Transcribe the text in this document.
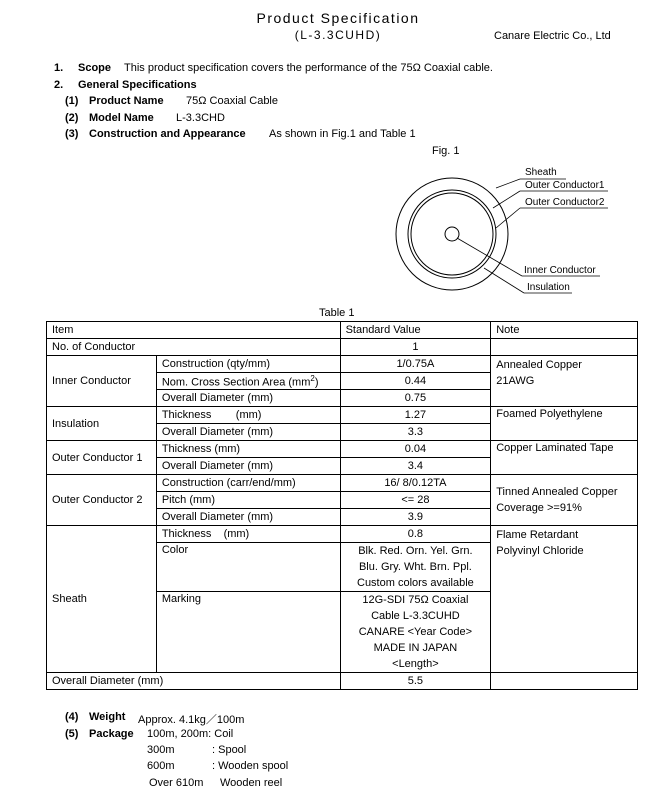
Product Specification
(L-3.3CUHD)	Canare Electric Co., Ltd
1. Scope This product specification covers the performance of the 75Ω Coaxial cable.
2. General Specifications
(1) Product Name 75Ω Coaxial Cable
(2) Model Name L-3.3CHD
(3) Construction and Appearance As shown in Fig.1 and Table 1
Fig. 1
Sheath
Outer Conductor1
Outer Conductor2
Inner Conductor
Insulation
Table 1
Item		Standard Value	Note
No. of Conductor		1	
Inner Conductor	Construction (qty/mm)	1/0.75A	Annealed Copper
21AWG

	Nom. Cross Section Area $(mm^2)$	0.44	
	Overall Diameter (mm)	0.75	
Insulation	Thickness        (mm)	1.27	Foamed Polyethylene
	Overall Diameter (mm)	3.3	
Outer Conductor 1	Thickness (mm)	0.04	Copper Laminated Tape
	Overall Diameter (mm)	3.4	
Outer Conductor 2	Construction (carr/end/mm)	16/ 8/0.12TA	Tinned Annealed Copper
Coverage >=91%

	Pitch (mm)	<= 28	
	Overall Diameter (mm)	3.9	
Sheath	Thickness    (mm)	0.8	Flame Retardant
Polyvinyl Chloride

	Color	Blk. Red. Orn. Yel. Grn.
Blu. Gry. Wht. Brn. Ppl.
Custom colors available	

	Marking	12G-SDI 75Ω Coaxial
Cable L-3.3CUHD
CANARE <Year Code>
MADE IN JAPAN
<Length>	

Overall Diameter (mm)		5.5	
(4) Weight Approx. 4.1kg／100m
(5) Package 100m, 200m: Coil
300m	: Spool
600m	: Wooden spool
Over 610m Wooden reel
